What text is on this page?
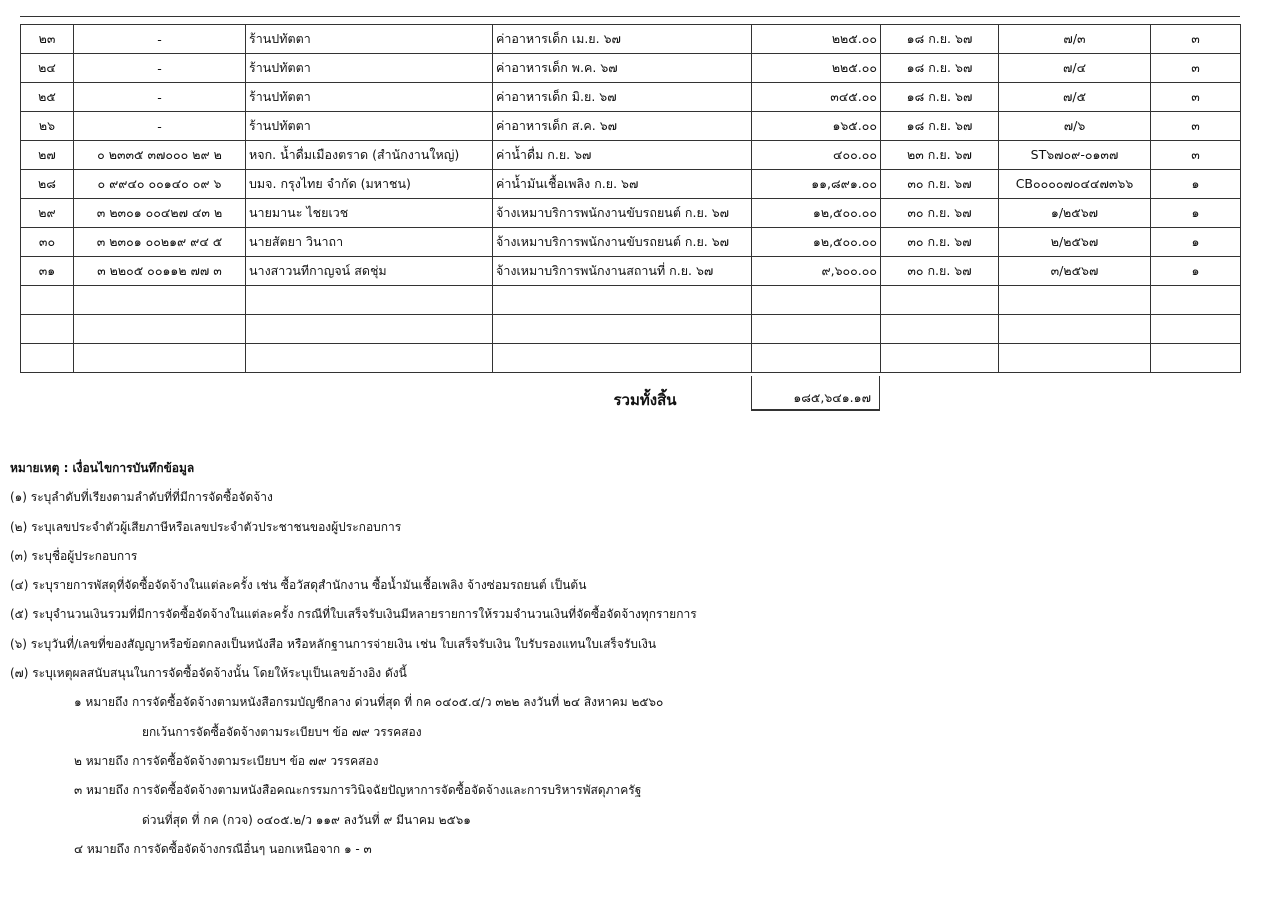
๒๓	-	ร้านปทัตตา	ค่าอาหารเด็ก เม.ย. ๖๗	๒๒๕.๐๐	๑๘ ก.ย. ๖๗	๗/๓	๓
๒๔	-	ร้านปทัตตา	ค่าอาหารเด็ก พ.ค. ๖๗	๒๒๕.๐๐	๑๘ ก.ย. ๖๗	๗/๔	๓
๒๕	-	ร้านปทัตตา	ค่าอาหารเด็ก มิ.ย. ๖๗	๓๔๕.๐๐	๑๘ ก.ย. ๖๗	๗/๕	๓
๒๖	-	ร้านปทัตตา	ค่าอาหารเด็ก ส.ค. ๖๗	๑๖๕.๐๐	๑๘ ก.ย. ๖๗	๗/๖	๓
๒๗	๐ ๒๓๓๕ ๓๗๐๐๐ ๒๙ ๒	หจก. น้ำดื่มเมืองตราด (สำนักงานใหญ่)	ค่าน้ำดื่ม ก.ย. ๖๗	๔๐๐.๐๐	๒๓ ก.ย. ๖๗	ST๖๗๐๙-๐๑๓๗	๓
๒๘	๐ ๙๙๔๐ ๐๐๑๔๐ ๐๙ ๖	บมจ. กรุงไทย จำกัด (มหาชน)	ค่าน้ำมันเชื้อเพลิง ก.ย. ๖๗	๑๑,๘๙๑.๐๐	๓๐ ก.ย. ๖๗	CB๐๐๐๐๗๐๔๔๗๓๖๖	๑
๒๙	๓ ๒๓๐๑ ๐๐๔๒๗ ๔๓ ๒	นายมานะ ไชยเวช	จ้างเหมาบริการพนักงานขับรถยนต์ ก.ย. ๖๗	๑๒,๕๐๐.๐๐	๓๐ ก.ย. ๖๗	๑/๒๕๖๗	๑
๓๐	๓ ๒๓๐๑ ๐๐๒๑๙ ๙๔ ๕	นายสัตยา วินาถา	จ้างเหมาบริการพนักงานขับรถยนต์ ก.ย. ๖๗	๑๒,๕๐๐.๐๐	๓๐ ก.ย. ๖๗	๒/๒๕๖๗	๑
๓๑	๓ ๒๒๐๕ ๐๐๑๑๒ ๗๗ ๓	นางสาวนทีกาญจน์ สดชุ่ม	จ้างเหมาบริการพนักงานสถานที่ ก.ย. ๖๗	๙,๖๐๐.๐๐	๓๐ ก.ย. ๖๗	๓/๒๕๖๗	๑

รวมทั้งสิ้น	๑๘๕,๖๔๑.๑๗
หมายเหตุ : เงื่อนไขการบันทึกข้อมูล
(๑) ระบุลำดับที่เรียงตามลำดับที่ที่มีการจัดซื้อจัดจ้าง
(๒) ระบุเลขประจำตัวผู้เสียภาษีหรือเลขประจำตัวประชาชนของผู้ประกอบการ
(๓) ระบุชื่อผู้ประกอบการ
(๔) ระบุรายการพัสดุที่จัดซื้อจัดจ้างในแต่ละครั้ง เช่น ซื้อวัสดุสำนักงาน ซื้อน้ำมันเชื้อเพลิง จ้างซ่อมรถยนต์ เป็นต้น
(๕) ระบุจำนวนเงินรวมที่มีการจัดซื้อจัดจ้างในแต่ละครั้ง กรณีที่ใบเสร็จรับเงินมีหลายรายการให้รวมจำนวนเงินที่จัดซื้อจัดจ้างทุกรายการ
(๖) ระบุวันที่/เลขที่ของสัญญาหรือข้อตกลงเป็นหนังสือ หรือหลักฐานการจ่ายเงิน เช่น ใบเสร็จรับเงิน ใบรับรองแทนใบเสร็จรับเงิน
(๗) ระบุเหตุผลสนับสนุนในการจัดซื้อจัดจ้างนั้น โดยให้ระบุเป็นเลขอ้างอิง ดังนี้
๑ หมายถึง การจัดซื้อจัดจ้างตามหนังสือกรมบัญชีกลาง ด่วนที่สุด ที่ กค ๐๔๐๕.๔/ว ๓๒๒ ลงวันที่ ๒๔ สิงหาคม ๒๕๖๐
ยกเว้นการจัดซื้อจัดจ้างตามระเบียบฯ ข้อ ๗๙ วรรคสอง
๒ หมายถึง การจัดซื้อจัดจ้างตามระเบียบฯ ข้อ ๗๙ วรรคสอง
๓ หมายถึง การจัดซื้อจัดจ้างตามหนังสือคณะกรรมการวินิจฉัยปัญหาการจัดซื้อจัดจ้างและการบริหารพัสดุภาครัฐ
ด่วนที่สุด ที่ กค (กวจ) ๐๔๐๕.๒/ว ๑๑๙ ลงวันที่ ๙ มีนาคม ๒๕๖๑
๔ หมายถึง การจัดซื้อจัดจ้างกรณีอื่นๆ นอกเหนือจาก ๑ - ๓
